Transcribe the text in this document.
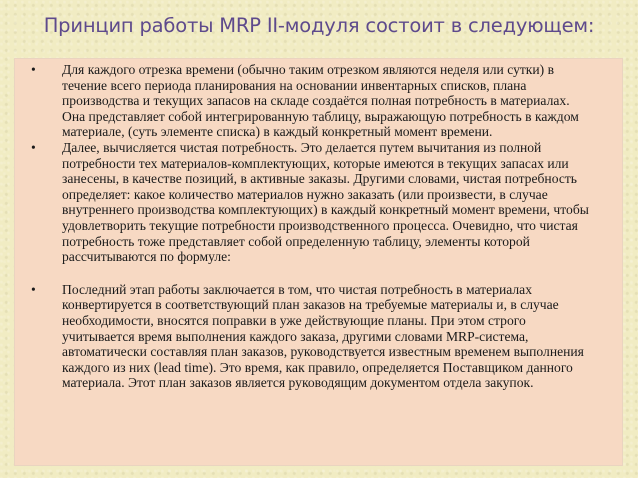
Принцип работы MRP II-модуля состоит в следующем:
• Для каждого отрезка времени (обычно таким отрезком являются неделя или сутки) в течение всего периода планирования на основании инвентарных списков, плана производства и текущих запасов на складе создаётся полная потребность в материалах. Она представляет собой интегрированную таблицу, выражающую потребность в каждом материале, (суть элементе списка) в каждый конкретный момент времени.
• Далее, вычисляется чистая потребность. Это делается путем вычитания из полной потребности тех материалов-комплектующих, которые имеются в текущих запасах или занесены, в качестве позиций, в активные заказы. Другими словами, чистая потребность определяет: какое количество материалов нужно заказать (или произвести, в случае внутреннего производства комплектующих) в каждый конкретный момент времени, чтобы удовлетворить текущие потребности производственного процесса. Очевидно, что чистая потребность тоже представляет собой определенную таблицу, элементы которой рассчитываются по формуле:
• Последний этап работы заключается в том, что чистая потребность в материалах конвертируется в соответствующий план заказов на требуемые материалы и, в случае необходимости, вносятся поправки в уже действующие планы. При этом строго учитывается время выполнения каждого заказа, другими словами MRP-система, автоматически составляя план заказов, руководствуется известным временем выполнения каждого из них (lead time). Это время, как правило, определяется Поставщиком данного материала. Этот план заказов является руководящим документом отдела закупок.
